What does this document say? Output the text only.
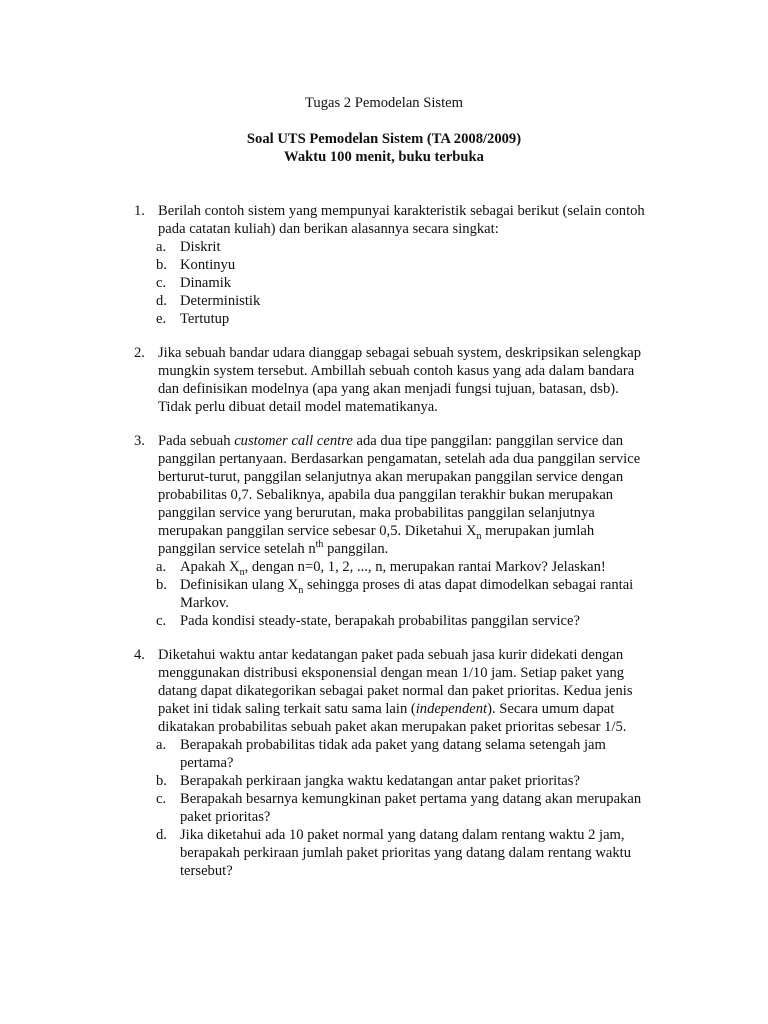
Tugas 2 Pemodelan Sistem
Soal UTS Pemodelan Sistem (TA 2008/2009)
Waktu 100 menit, buku terbuka
1. Berilah contoh sistem yang mempunyai karakteristik sebagai berikut (selain contoh pada catatan kuliah) dan berikan alasannya secara singkat:
a. Diskrit
b. Kontinyu
c. Dinamik
d. Deterministik
e. Tertutup
2. Jika sebuah bandar udara dianggap sebagai sebuah system, deskripsikan selengkap mungkin system tersebut. Ambillah sebuah contoh kasus yang ada dalam bandara dan definisikan modelnya (apa yang akan menjadi fungsi tujuan, batasan, dsb). Tidak perlu dibuat detail model matematikanya.
3. Pada sebuah customer call centre ada dua tipe panggilan: panggilan service dan panggilan pertanyaan. Berdasarkan pengamatan, setelah ada dua panggilan service berturut-turut, panggilan selanjutnya akan merupakan panggilan service dengan probabilitas 0,7. Sebaliknya, apabila dua panggilan terakhir bukan merupakan panggilan service yang berurutan, maka probabilitas panggilan selanjutnya merupakan panggilan service sebesar 0,5. Diketahui $X_n$ merupakan jumlah panggilan service setelah $n^{th}$ panggilan.
a. Apakah $X_n$, dengan n=0, 1, 2, ..., n, merupakan rantai Markov? Jelaskan!
b. Definisikan ulang $X_n$ sehingga proses di atas dapat dimodelkan sebagai rantai Markov.
c. Pada kondisi steady-state, berapakah probabilitas panggilan service?
4. Diketahui waktu antar kedatangan paket pada sebuah jasa kurir didekati dengan menggunakan distribusi eksponensial dengan mean 1/10 jam. Setiap paket yang datang dapat dikategorikan sebagai paket normal dan paket prioritas. Kedua jenis paket ini tidak saling terkait satu sama lain (independent). Secara umum dapat dikatakan probabilitas sebuah paket akan merupakan paket prioritas sebesar 1/5.
a. Berapakah probabilitas tidak ada paket yang datang selama setengah jam pertama?
b. Berapakah perkiraan jangka waktu kedatangan antar paket prioritas?
c. Berapakah besarnya kemungkinan paket pertama yang datang akan merupakan paket prioritas?
d. Jika diketahui ada 10 paket normal yang datang dalam rentang waktu 2 jam, berapakah perkiraan jumlah paket prioritas yang datang dalam rentang waktu tersebut?
